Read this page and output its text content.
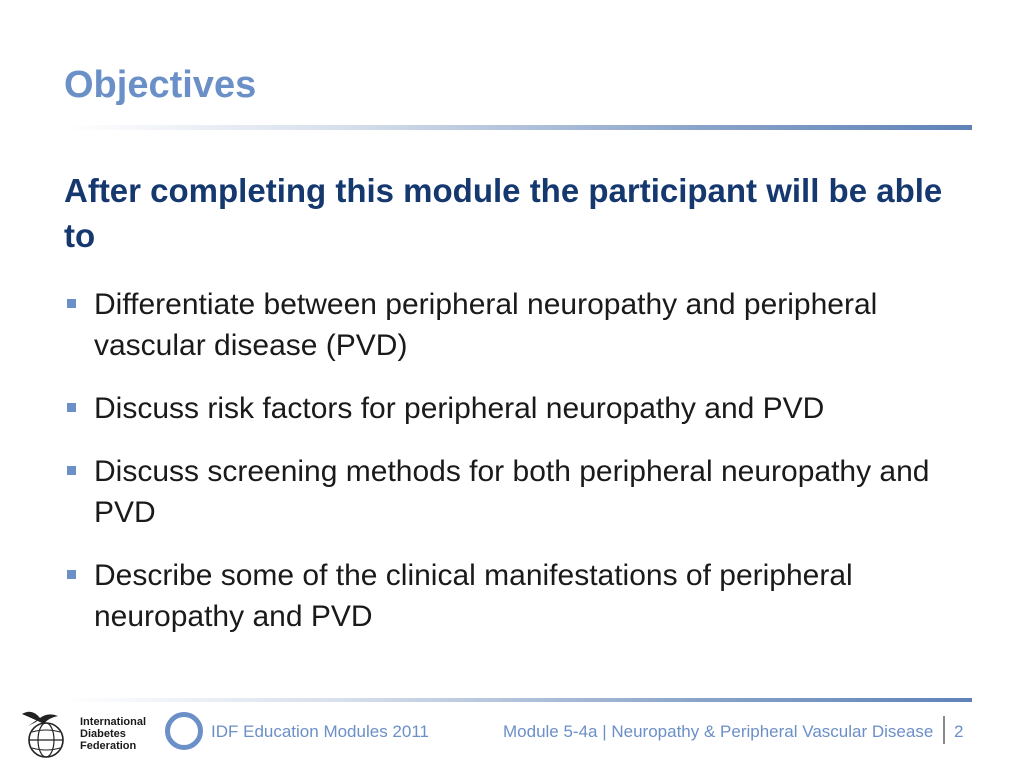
Objectives
After completing this module the participant will be able to
Differentiate between peripheral neuropathy and peripheral vascular disease (PVD)
Discuss risk factors for peripheral neuropathy and PVD
Discuss screening methods for both peripheral neuropathy and PVD
Describe some of the clinical manifestations of peripheral neuropathy and PVD
International
Diabetes
Federation
IDF Education Modules 2011	Module 5-4a | Neuropathy & Peripheral Vascular Disease 2
